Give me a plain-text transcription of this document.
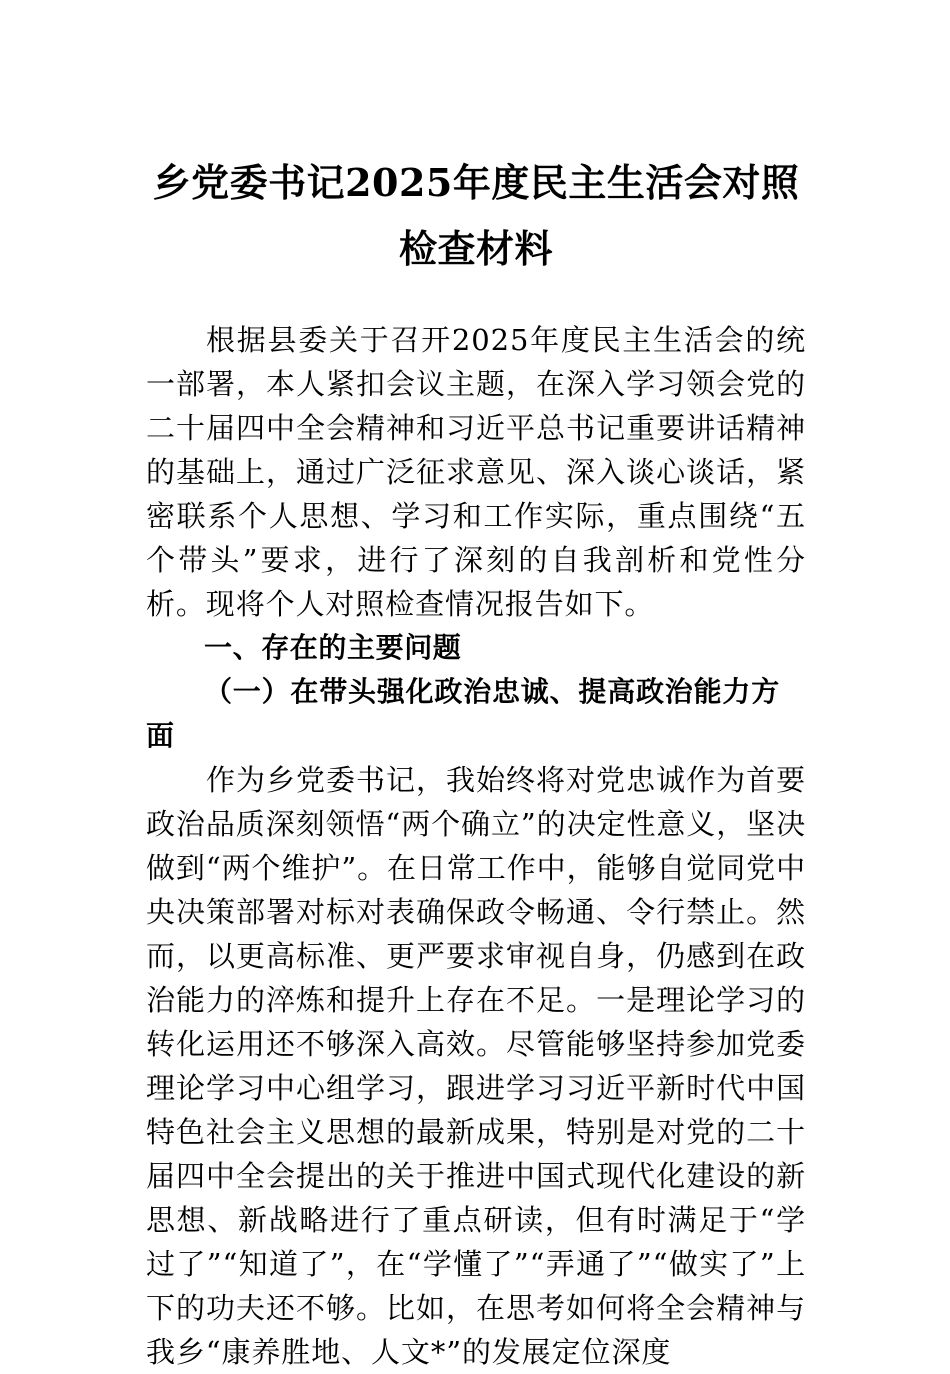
乡党委书记2025年度民主生活会对照检查材料

根据县委关于召开2025年度民主生活会的统一部署，本人紧扣会议主题，在深入学习领会党的二十届四中全会精神和习近平总书记重要讲话精神的基础上，通过广泛征求意见、深入谈心谈话，紧密联系个人思想、学习和工作实际，重点围绕“五个带头”要求，进行了深刻的自我剖析和党性分析。现将个人对照检查情况报告如下。

一、存在的主要问题
（一）在带头强化政治忠诚、提高政治能力方面

作为乡党委书记，我始终将对党忠诚作为首要政治品质深刻领悟“两个确立”的决定性意义，坚决做到“两个维护”。在日常工作中，能够自觉同党中央决策部署对标对表确保政令畅通、令行禁止。然而，以更高标准、更严要求审视自身，仍感到在政治能力的淬炼和提升上存在不足。一是理论学习的转化运用还不够深入高效。尽管能够坚持参加党委理论学习中心组学习，跟进学习习近平新时代中国特色社会主义思想的最新成果，特别是对党的二十届四中全会提出的关于推进中国式现代化建设的新思想、新战略进行了重点研读，但有时满足于“学过了”“知道了”，在“学懂了”“弄通了”“做实了”上下的功夫还不够。比如，在思考如何将全会精神与我乡“康养胜地、人文*”的发展定位深度
